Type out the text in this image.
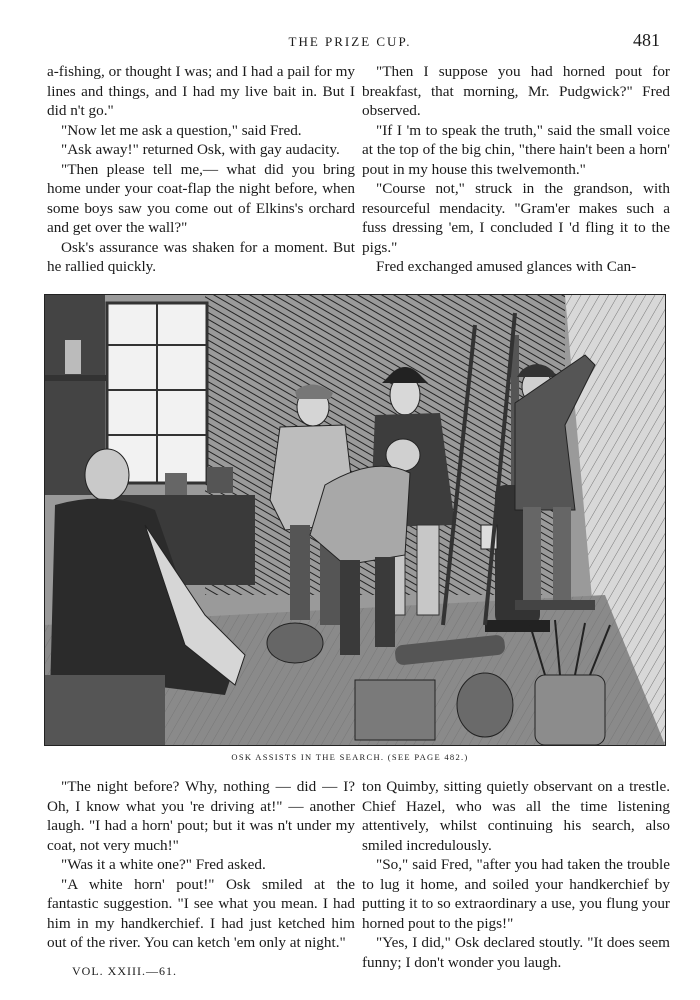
THE PRIZE CUP.	481

a-fishing, or thought I was; and I had a pail for my lines and things, and I had my live bait in. But I did n't go."

"Now let me ask a question," said Fred.

"Ask away!" returned Osk, with gay audacity.

"Then please tell me,— what did you bring home under your coat-flap the night before, when some boys saw you come out of Elkins's orchard and get over the wall?"

Osk's assurance was shaken for a moment. But he rallied quickly.

"Then I suppose you had horned pout for breakfast, that morning, Mr. Pudgwick?" Fred observed.

"If I 'm to speak the truth," said the small voice at the top of the big chin, "there hain't been a horn' pout in my house this twelvemonth."

"Course not," struck in the grandson, with resourceful mendacity. "Gram'er makes such a fuss dressing 'em, I concluded I 'd fling it to the pigs."

Fred exchanged amused glances with Can-

OSK ASSISTS IN THE SEARCH. (SEE PAGE 482.)

"The night before? Why, nothing — did — I? Oh, I know what you 're driving at!" — another laugh. "I had a horn' pout; but it was n't under my coat, not very much!"

"Was it a white one?" Fred asked.

"A white horn' pout!" Osk smiled at the fantastic suggestion. "I see what you mean. I had him in my handkerchief. I had just ketched him out of the river. You can ketch 'em only at night."

ton Quimby, sitting quietly observant on a trestle. Chief Hazel, who was all the time listening attentively, whilst continuing his search, also smiled incredulously.

"So," said Fred, "after you had taken the trouble to lug it home, and soiled your handkerchief by putting it to so extraordinary a use, you flung your horned pout to the pigs!"

"Yes, I did," Osk declared stoutly. "It does seem funny; I don't wonder you laugh.

VOL. XXIII.—61.
